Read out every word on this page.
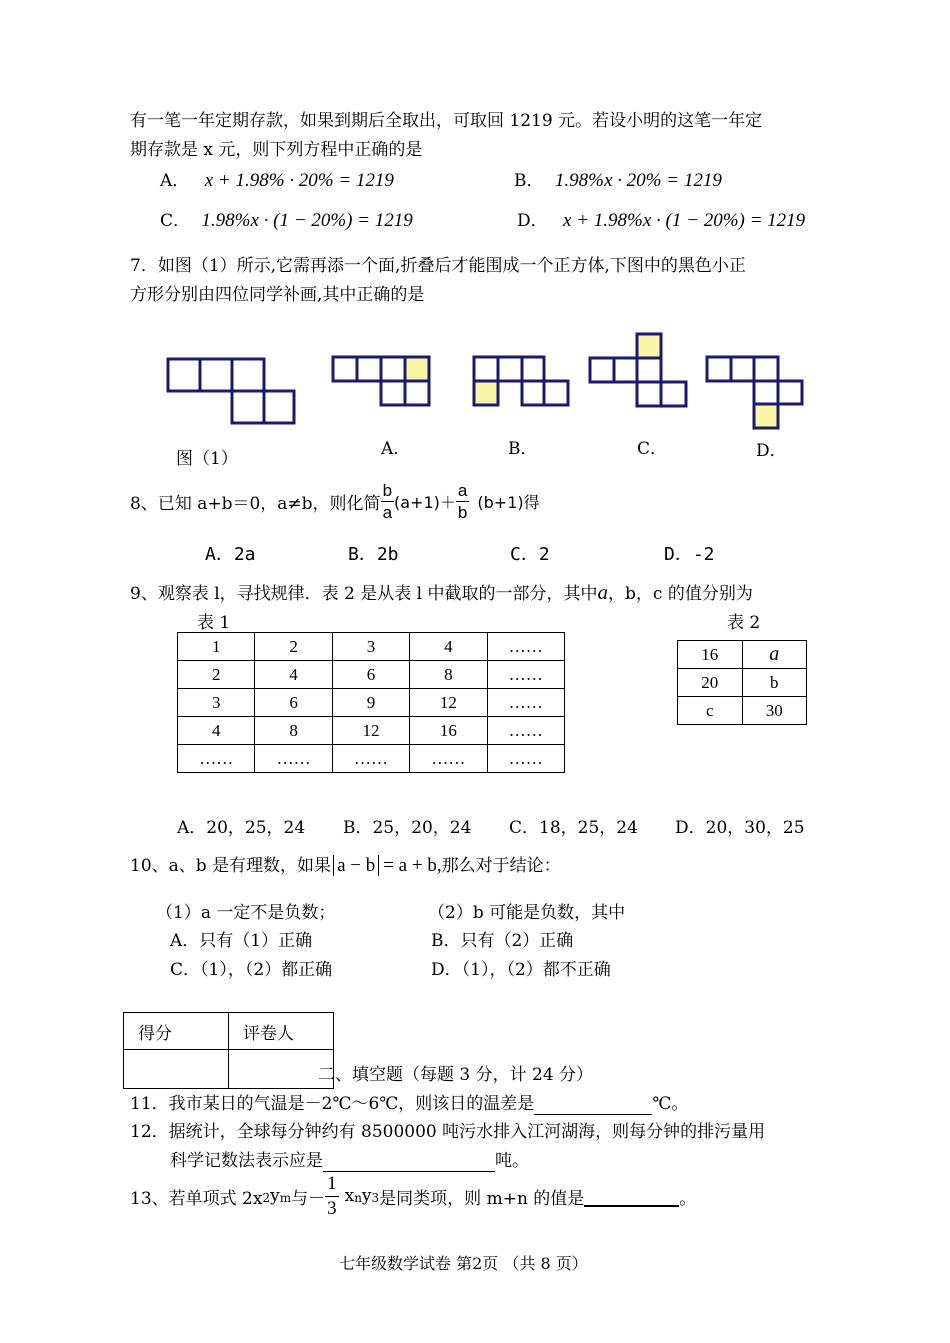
有一笔一年定期存款，如果到期后全取出，可取回 1219 元。若设小明的这笔一年定
期存款是 x 元，则下列方程中正确的是
A． x + 1.98% · 20% = 1219	B． 1.98%x · 20% = 1219
C． 1.98%x · (1 − 20%) = 1219	D． x + 1.98%x · (1 − 20%) = 1219
7．如图（1）所示,它需再添一个面,折叠后才能围成一个正方体,下图中的黑色小正
方形分别由四位同学补画,其中正确的是
图（1）	A．	B．	C．	D．
8、已知 a+b＝0，a≠b，则化简 $\frac{b}{a} (a+1)+ \frac{a}{b} (b+1)$得
A．2a	B．2b	C．2	D．-2
9、观察表 l，寻找规律．表 2 是从表 l 中截取的一部分，其中a，b，c 的值分别为
表 1	表 2
1	2	3	4	……
2	4	6	8	……
3	6	9	12	……
4	8	12	16	……
……	……	……	……	……
16	a
20	b
c	30
A．20，25，24 B．25，20，24 C．18，25，24 D．20，30，25
10、a、b 是有理数，如果 a − b = a + b,那么对于结论：
（1）a 一定不是负数；	（2）b 可能是负数，其中
A．只有（1）正确	B．只有（2）正确
C．（1），（2）都正确	D．（1），（2）都不正确
得分	评卷人

二、填空题（每题 3 分，计 24 分）
11．我市某日的气温是－2℃～6℃，则该日的温差是	℃。
12．据统计，全球每分钟约有 8500000 吨污水排入江河湖海，则每分钟的排污量用
科学记数法表示应是	吨。
13、若单项式 $2x_2$ $y_m$ 与－ $\frac{1}{3} x_n$ $y_3$ 是同类项，则 m+n 的值是
	。
七年级数学试卷 第2页 （共 8 页）
